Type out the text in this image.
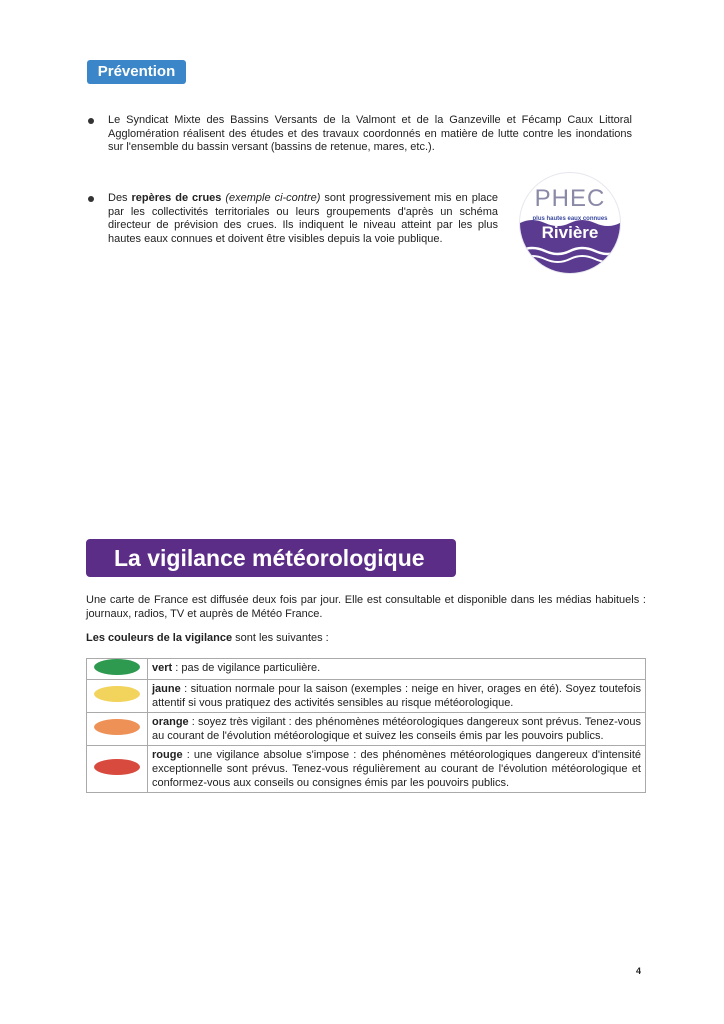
Prévention
Le Syndicat Mixte des Bassins Versants de la Valmont et de la Ganzeville et Fécamp Caux Littoral Agglomération réalisent des études et des travaux coordonnés en matière de lutte contre les inondations sur l'ensemble du bassin versant (bassins de retenue, mares, etc.).
Des repères de crues (exemple ci-contre) sont progressivement mis en place par les collectivités territoriales ou leurs groupements d'après un schéma directeur de prévision des crues. Ils indiquent le niveau atteint par les plus hautes eaux connues et doivent être visibles depuis la voie publique.
PHEC
plus hautes eaux connues
Rivière
La vigilance météorologique
Une carte de France est diffusée deux fois par jour. Elle est consultable et disponible dans les médias habituels : journaux, radios, TV et auprès de Météo France.
Les couleurs de la vigilance sont les suivantes :
	vert : pas de vigilance particulière.
	jaune : situation normale pour la saison (exemples : neige en hiver, orages en été). Soyez toutefois attentif si vous pratiquez des activités sensibles au risque météorologique.
	orange : soyez très vigilant : des phénomènes météorologiques dangereux sont prévus. Tenez-vous au courant de l'évolution météorologique et suivez les conseils émis par les pouvoirs publics.
	rouge : une vigilance absolue s'impose : des phénomènes météorologiques dangereux d'intensité exceptionnelle sont prévus. Tenez-vous régulièrement au courant de l'évolution météorologique et conformez-vous aux conseils ou consignes émis par les pouvoirs publics.
4
